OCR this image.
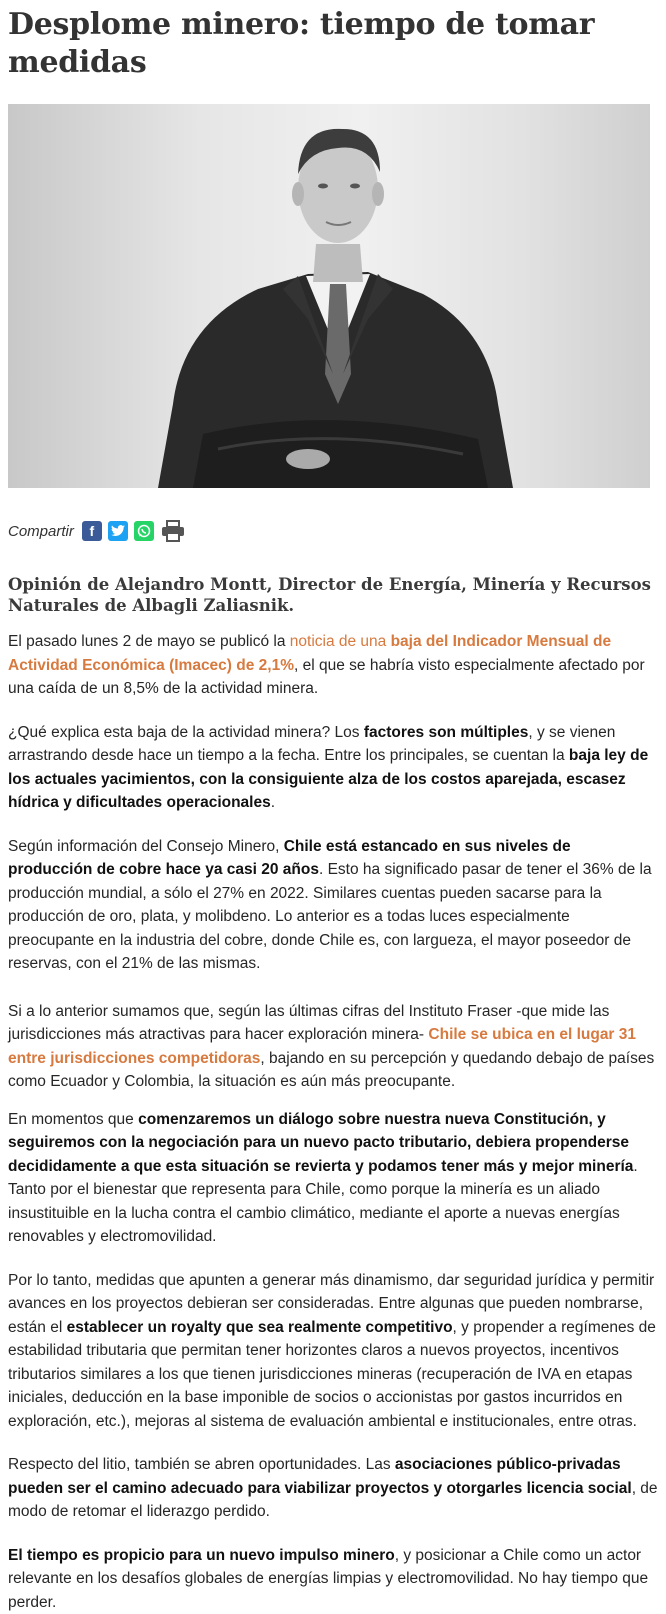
Desplome minero: tiempo de tomar medidas
Compartir	f
Opinión de Alejandro Montt, Director de Energía, Minería y Recursos Naturales de Albagli Zaliasnik.

El pasado lunes 2 de mayo se publicó la noticia de una baja del Indicador Mensual de Actividad Económica (Imacec) de 2,1%, el que se habría visto especialmente afectado por una caída de un 8,5% de la actividad minera.

¿Qué explica esta baja de la actividad minera? Los factores son múltiples, y se vienen arrastrando desde hace un tiempo a la fecha. Entre los principales, se cuentan la baja ley de los actuales yacimientos, con la consiguiente alza de los costos aparejada, escasez hídrica y dificultades operacionales.

Según información del Consejo Minero, Chile está estancado en sus niveles de producción de cobre hace ya casi 20 años. Esto ha significado pasar de tener el 36% de la producción mundial, a sólo el 27% en 2022. Similares cuentas pueden sacarse para la producción de oro, plata, y molibdeno. Lo anterior es a todas luces especialmente preocupante en la industria del cobre, donde Chile es, con largueza, el mayor poseedor de reservas, con el 21% de las mismas.

Si a lo anterior sumamos que, según las últimas cifras del Instituto Fraser -que mide las jurisdicciones más atractivas para hacer exploración minera- Chile se ubica en el lugar 31 entre jurisdicciones competidoras, bajando en su percepción y quedando debajo de países como Ecuador y Colombia, la situación es aún más preocupante.

En momentos que comenzaremos un diálogo sobre nuestra nueva Constitución, y seguiremos con la negociación para un nuevo pacto tributario, debiera propenderse decididamente a que esta situación se revierta y podamos tener más y mejor minería. Tanto por el bienestar que representa para Chile, como porque la minería es un aliado insustituible en la lucha contra el cambio climático, mediante el aporte a nuevas energías renovables y electromovilidad.

Por lo tanto, medidas que apunten a generar más dinamismo, dar seguridad jurídica y permitir avances en los proyectos debieran ser consideradas. Entre algunas que pueden nombrarse, están el establecer un royalty que sea realmente competitivo, y propender a regímenes de estabilidad tributaria que permitan tener horizontes claros a nuevos proyectos, incentivos tributarios similares a los que tienen jurisdicciones mineras (recuperación de IVA en etapas iniciales, deducción en la base imponible de socios o accionistas por gastos incurridos en exploración, etc.), mejoras al sistema de evaluación ambiental e institucionales, entre otras.

Respecto del litio, también se abren oportunidades. Las asociaciones público-privadas pueden ser el camino adecuado para viabilizar proyectos y otorgarles licencia social, de modo de retomar el liderazgo perdido.

El tiempo es propicio para un nuevo impulso minero, y posicionar a Chile como un actor relevante en los desafíos globales de energías limpias y electromovilidad. No hay tiempo que perder.
